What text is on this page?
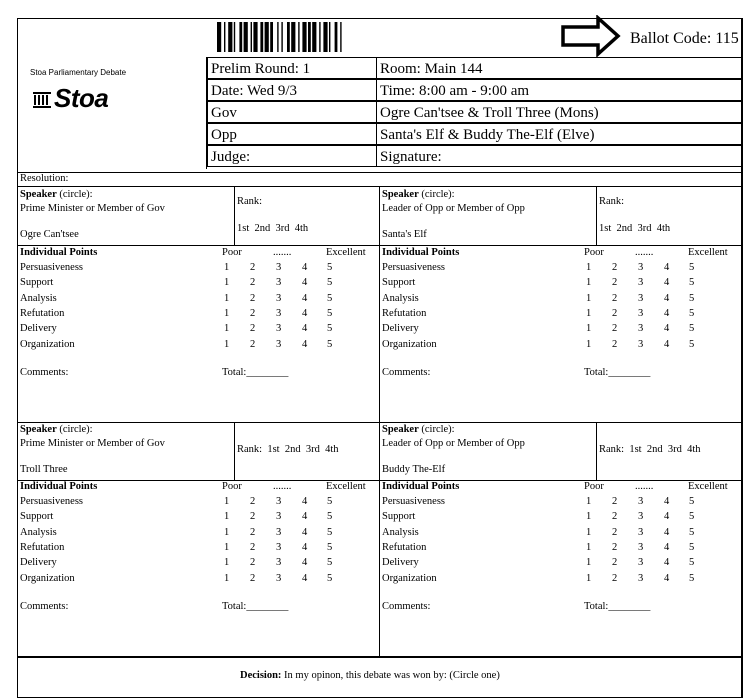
Stoa Parliamentary Debate
Stoa
Ballot Code: 115
Prelim Round: 1	Room: Main 144
Date: Wed 9/3	Time: 8:00 am - 9:00 am
Gov	Ogre Can'tsee & Troll Three (Mons)
Opp	Santa's Elf & Buddy The-Elf (Elve)
Judge:	Signature:
Resolution:
Speaker (circle):
Prime Minister or Member of Gov
Ogre Can'tsee
Rank:
1st  2nd  3rd  4th
Speaker (circle):
Leader of Opp or Member of Opp
Santa's Elf
Rank:
1st  2nd  3rd  4th
Speaker (circle):
Prime Minister or Member of Gov
Troll Three
Rank:  1st  2nd  3rd  4th
Speaker (circle):
Leader of Opp or Member of Opp
Buddy The-Elf
Rank:  1st  2nd  3rd  4th
Individual Points	Poor	.......	Excellent
Persuasiveness	1 2 3 4 5
Support	1 2 3 4 5
Analysis	1 2 3 4 5
Refutation	1 2 3 4 5
Delivery	1 2 3 4 5
Organization	1 2 3 4 5
Comments:	Total:________
Individual Points	Poor	.......	Excellent
Persuasiveness	1 2 3 4 5
Support	1 2 3 4 5
Analysis	1 2 3 4 5
Refutation	1 2 3 4 5
Delivery	1 2 3 4 5
Organization	1 2 3 4 5
Comments:	Total:________
Individual Points	Poor	.......	Excellent
Persuasiveness	1 2 3 4 5
Support	1 2 3 4 5
Analysis	1 2 3 4 5
Refutation	1 2 3 4 5
Delivery	1 2 3 4 5
Organization	1 2 3 4 5
Comments:	Total:________
Individual Points	Poor	.......	Excellent
Persuasiveness	1 2 3 4 5
Support	1 2 3 4 5
Analysis	1 2 3 4 5
Refutation	1 2 3 4 5
Delivery	1 2 3 4 5
Organization	1 2 3 4 5
Comments:	Total:________
Decision: In my opinon, this debate was won by: (Circle one)
